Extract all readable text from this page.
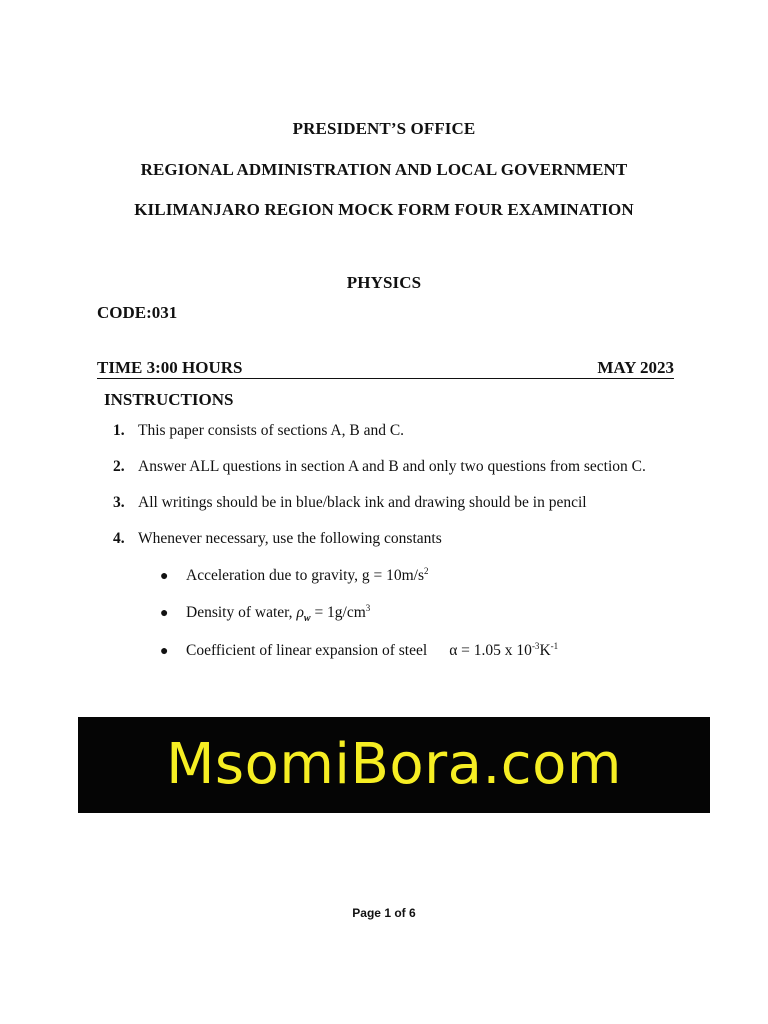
PRESIDENT’S OFFICE
REGIONAL ADMINISTRATION AND LOCAL GOVERNMENT
KILIMANJARO REGION MOCK FORM FOUR EXAMINATION
PHYSICS
CODE:031
TIME 3:00 HOURS	MAY 2023
INSTRUCTIONS
1. This paper consists of sections A, B and C.
2. Answer ALL questions in section A and B and only two questions from section C.
3. All writings should be in blue/black ink and drawing should be in pencil
4. Whenever necessary, use the following constants
● Acceleration due to gravity, $g = 10m/s^2$
● Density of water, $\rho_w = 1g/cm^3$
● Coefficient of linear expansion of steel α = 1.05 x $10^{-3}K^{-1}$
MsomiBora.com
Page 1 of 6
